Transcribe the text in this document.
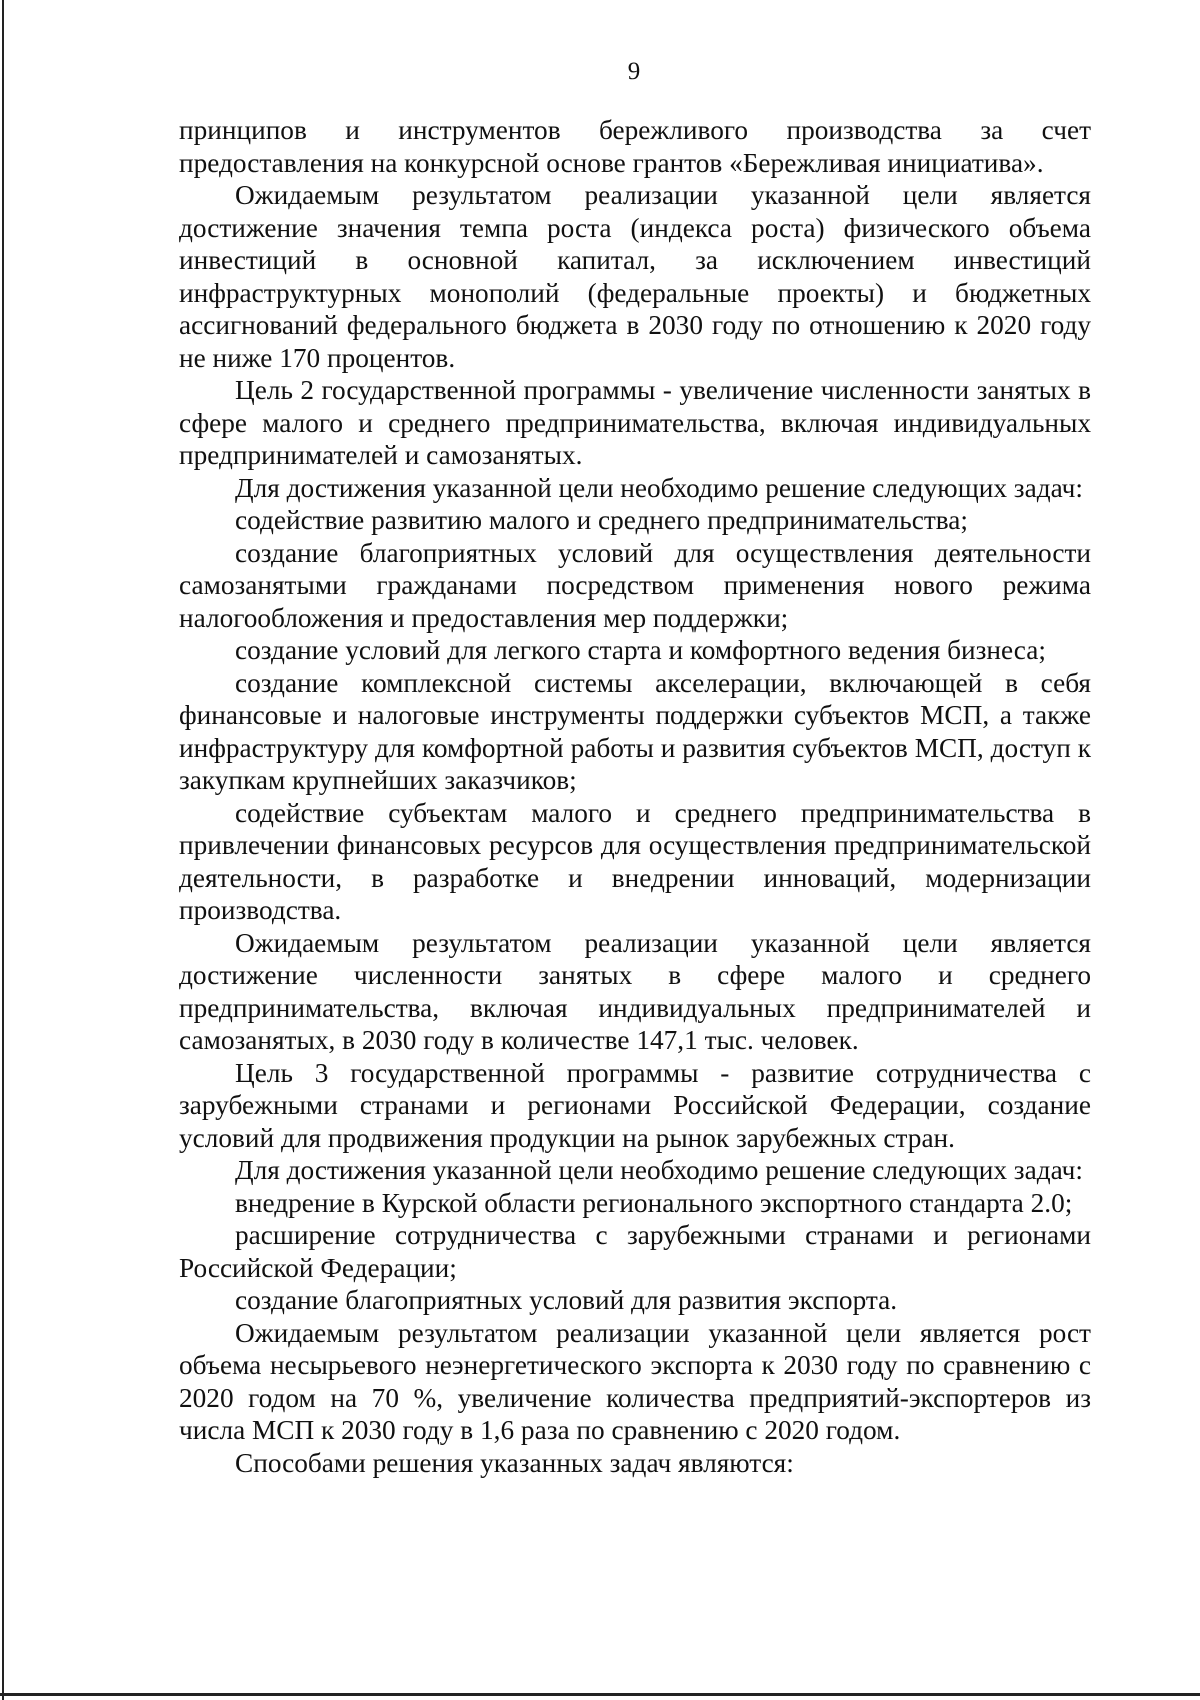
9

принципов и инструментов бережливого производства за счет предоставления на конкурсной основе грантов «Бережливая инициатива».

Ожидаемым результатом реализации указанной цели является достижение значения темпа роста (индекса роста) физического объема инвестиций в основной капитал, за исключением инвестиций инфраструктурных монополий (федеральные проекты) и бюджетных ассигнований федерального бюджета в 2030 году по отношению к 2020 году не ниже 170 процентов.

Цель 2 государственной программы - увеличение численности занятых в сфере малого и среднего предпринимательства, включая индивидуальных предпринимателей и самозанятых.

Для достижения указанной цели необходимо решение следующих задач:

содействие развитию малого и среднего предпринимательства;

создание благоприятных условий для осуществления деятельности самозанятыми гражданами посредством применения нового режима налогообложения и предоставления мер поддержки;

создание условий для легкого старта и комфортного ведения бизнеса;

создание комплексной системы акселерации, включающей в себя финансовые и налоговые инструменты поддержки субъектов МСП, а также инфраструктуру для комфортной работы и развития субъектов МСП, доступ к закупкам крупнейших заказчиков;

содействие субъектам малого и среднего предпринимательства в привлечении финансовых ресурсов для осуществления предпринимательской деятельности, в разработке и внедрении инноваций, модернизации производства.

Ожидаемым результатом реализации указанной цели является достижение численности занятых в сфере малого и среднего предпринимательства, включая индивидуальных предпринимателей и самозанятых, в 2030 году в количестве 147,1 тыс. человек.

Цель 3 государственной программы - развитие сотрудничества с зарубежными странами и регионами Российской Федерации, создание условий для продвижения продукции на рынок зарубежных стран.

Для достижения указанной цели необходимо решение следующих задач:

внедрение в Курской области регионального экспортного стандарта 2.0;

расширение сотрудничества с зарубежными странами и регионами Российской Федерации;

создание благоприятных условий для развития экспорта.

Ожидаемым результатом реализации указанной цели является рост объема несырьевого неэнергетического экспорта к 2030 году по сравнению с 2020 годом на 70 %, увеличение количества предприятий-экспортеров из числа МСП к 2030 году в 1,6 раза по сравнению с 2020 годом.

Способами решения указанных задач являются:
